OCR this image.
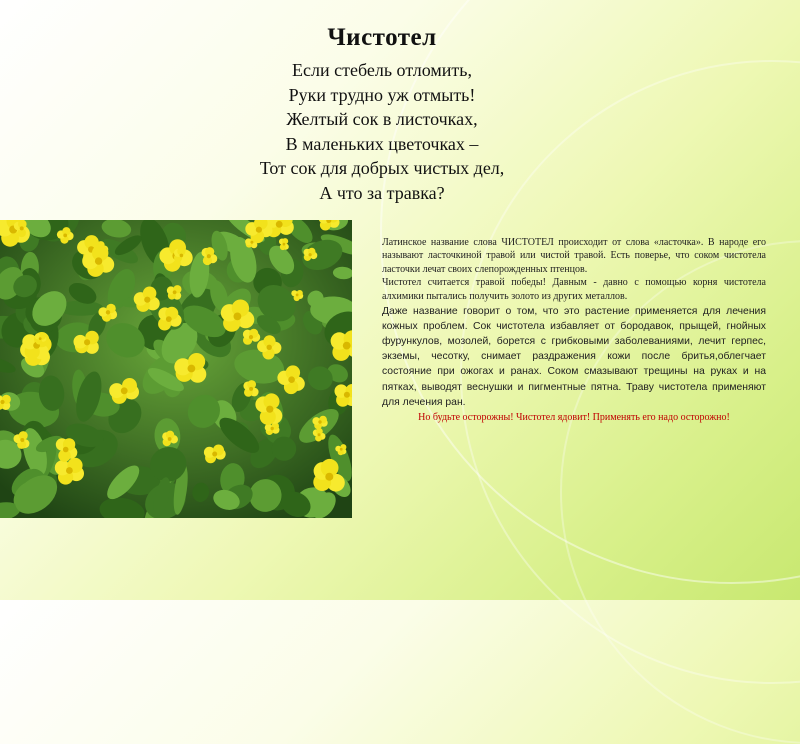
Чистотел
Если стебель отломить,
Руки трудно уж отмыть!
Желтый сок в листочках,
В маленьких цветочках –
Тот сок для добрых чистых дел,
А что за травка?

Латинское название слова ЧИСТОТЕЛ происходит от слова «ласточка». В народе его называют ласточкиной травой или чистой травой. Есть поверье, что соком чистотела ласточки лечат своих слепорожденных птенцов.

Чистотел считается травой победы! Давным - давно с помощью корня чистотела алхимики пытались получить золото из других металлов.

Даже название говорит о том, что это растение применяется для лечения кожных проблем. Сок чистотела избавляет от бородавок, прыщей, гнойных фурункулов, мозолей, борется с грибковыми заболеваниями, лечит герпес, экземы, чесотку, снимает раздражения кожи после бритья,облегчает состояние при ожогах и ранах. Соком смазывают трещины на руках и на пятках, выводят веснушки и пигментные пятна. Траву чистотела применяют для лечения ран.

Но будьте осторожны! Чистотел ядовит! Применять его надо осторожно!
